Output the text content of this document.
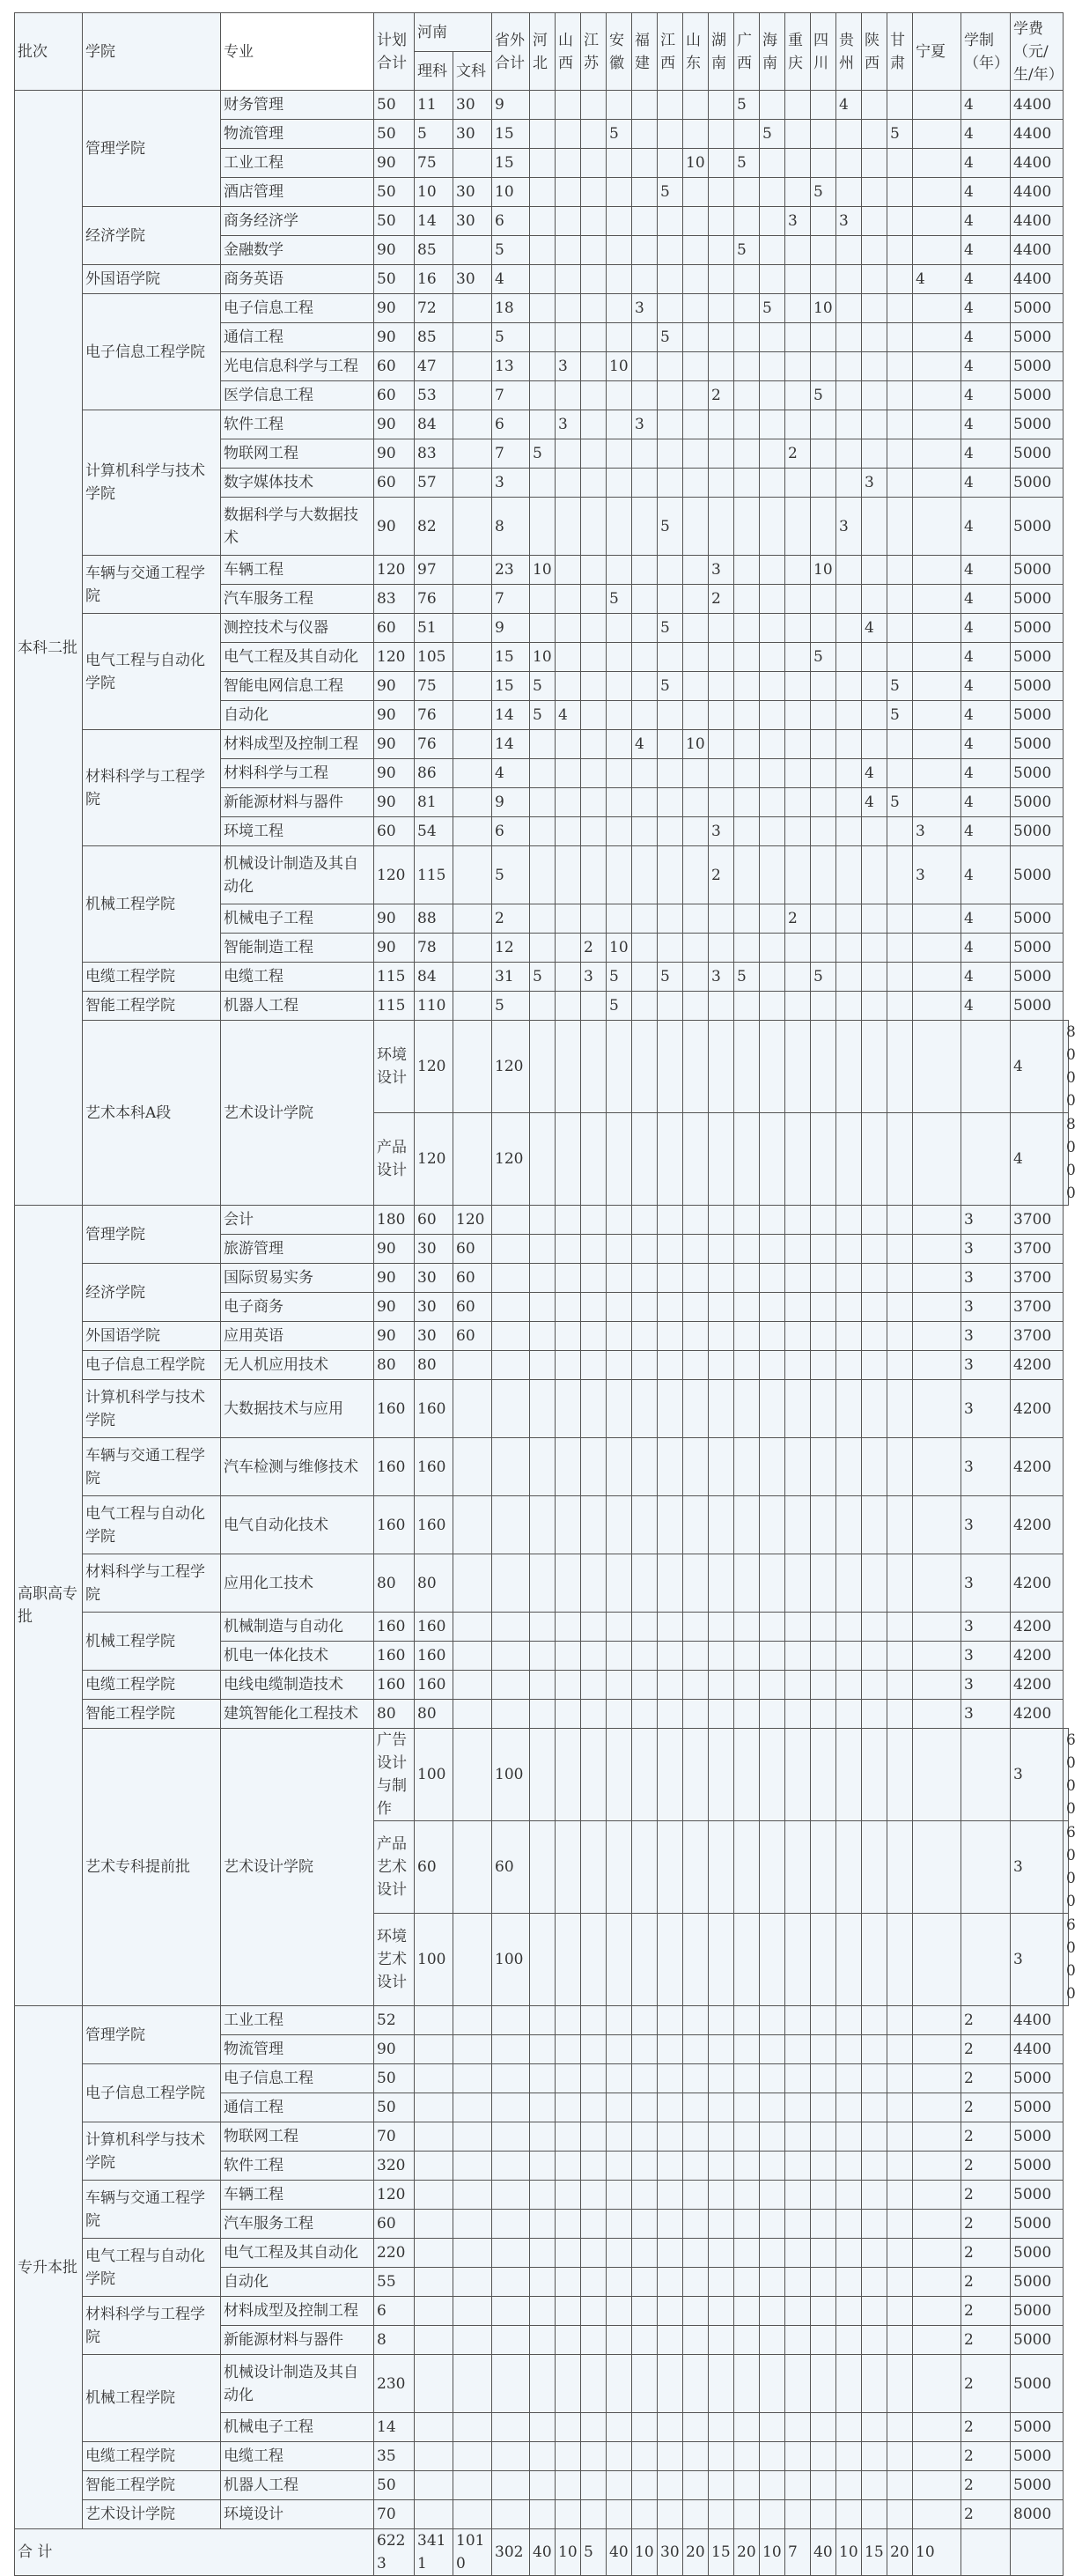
批次	学院	专业	计划合计	河南		省外合计	河北	山西	江苏	安徽	福建	江西	山东	湖南	广西	海南	重庆	四川	贵州	陕西	甘肃	宁夏	学制（年）	学费（元/生/年）	
				理科	文科																				
本科二批	管理学院	财务管理	50	11	30	9									5				4				4	4400	
		物流管理	50	5	30	15				5						5					5		4	4400	
		工业工程	90	75		15							10		5								4	4400	
		酒店管理	50	10	30	10						5						5					4	4400	
	经济学院	商务经济学	50	14	30	6											3		3				4	4400	
		金融数学	90	85		5									5								4	4400	
	外国语学院	商务英语	50	16	30	4																4	4	4400	
	电子信息工程学院	电子信息工程	90	72		18					3					5		10					4	5000	
		通信工程	90	85		5						5											4	5000	
		光电信息科学与工程	60	47		13		3		10													4	5000	
		医学信息工程	60	53		7								2				5					4	5000	
	计算机科学与技术学院	软件工程	90	84		6		3			3												4	5000	
		物联网工程	90	83		7	5										2						4	5000	
		数字媒体技术	60	57		3														3			4	5000	
		数据科学与大数据技术	90	82		8						5							3				4	5000	
	车辆与交通工程学院	车辆工程	120	97		23	10							3				10					4	5000	
		汽车服务工程	83	76		7				5				2									4	5000	
	电气工程与自动化学院	测控技术与仪器	60	51		9						5								4			4	5000	
		电气工程及其自动化	120	105		15	10											5					4	5000	
		智能电网信息工程	90	75		15	5					5									5		4	5000	
		自动化	90	76		14	5	4													5		4	5000	
	材料科学与工程学院	材料成型及控制工程	90	76		14					4		10										4	5000	
		材料科学与工程	90	86		4														4			4	5000	
		新能源材料与器件	90	81		9														4	5		4	5000	
		环境工程	60	54		6								3								3	4	5000	
	机械工程学院	机械设计制造及其自动化	120	115		5								2								3	4	5000	
		机械电子工程	90	88		2											2						4	5000	
		智能制造工程	90	78		12			2	10													4	5000	
	电缆工程学院	电缆工程	115	84		31	5		3	5		5		3	5			5					4	5000	
	智能工程学院	机器人工程	115	110		5				5													4	5000	
	艺术本科A段	艺术设计学院	环境设计	120		120																		4	8000
			产品设计	120		120																		4	8000
高职高专批	管理学院	会计	180	60	120																		3	3700	
		旅游管理	90	30	60																		3	3700	
	经济学院	国际贸易实务	90	30	60																		3	3700	
		电子商务	90	30	60																		3	3700	
	外国语学院	应用英语	90	30	60																		3	3700	
	电子信息工程学院	无人机应用技术	80	80																			3	4200	
	计算机科学与技术学院	大数据技术与应用	160	160																			3	4200	
	车辆与交通工程学院	汽车检测与维修技术	160	160																			3	4200	
	电气工程与自动化学院	电气自动化技术	160	160																			3	4200	
	材料科学与工程学院	应用化工技术	80	80																			3	4200	
	机械工程学院	机械制造与自动化	160	160																			3	4200	
		机电一体化技术	160	160																			3	4200	
	电缆工程学院	电线电缆制造技术	160	160																			3	4200	
	智能工程学院	建筑智能化工程技术	80	80																			3	4200	
	艺术专科提前批	艺术设计学院	广告设计与制作	100		100																		3	6000
			产品艺术设计	60		60																		3	6000
			环境艺术设计	100		100																		3	6000
专升本批	管理学院	工业工程	52																				2	4400	
		物流管理	90																				2	4400	
	电子信息工程学院	电子信息工程	50																				2	5000	
		通信工程	50																				2	5000	
	计算机科学与技术学院	物联网工程	70																				2	5000	
		软件工程	320																				2	5000	
	车辆与交通工程学院	车辆工程	120																				2	5000	
		汽车服务工程	60																				2	5000	
	电气工程与自动化学院	电气工程及其自动化	220																				2	5000	
		自动化	55																				2	5000	
	材料科学与工程学院	材料成型及控制工程	6																				2	5000	
		新能源材料与器件	8																				2	5000	
	机械工程学院	机械设计制造及其自动化	230																				2	5000	
		机械电子工程	14																				2	5000	
	电缆工程学院	电缆工程	35																				2	5000	
	智能工程学院	机器人工程	50																				2	5000	
	艺术设计学院	环境设计	70																				2	8000	
合 计			6223	3411	1010	302	40	10	5	40	10	30	20	15	20	10	7	40	10	15	20	10			
